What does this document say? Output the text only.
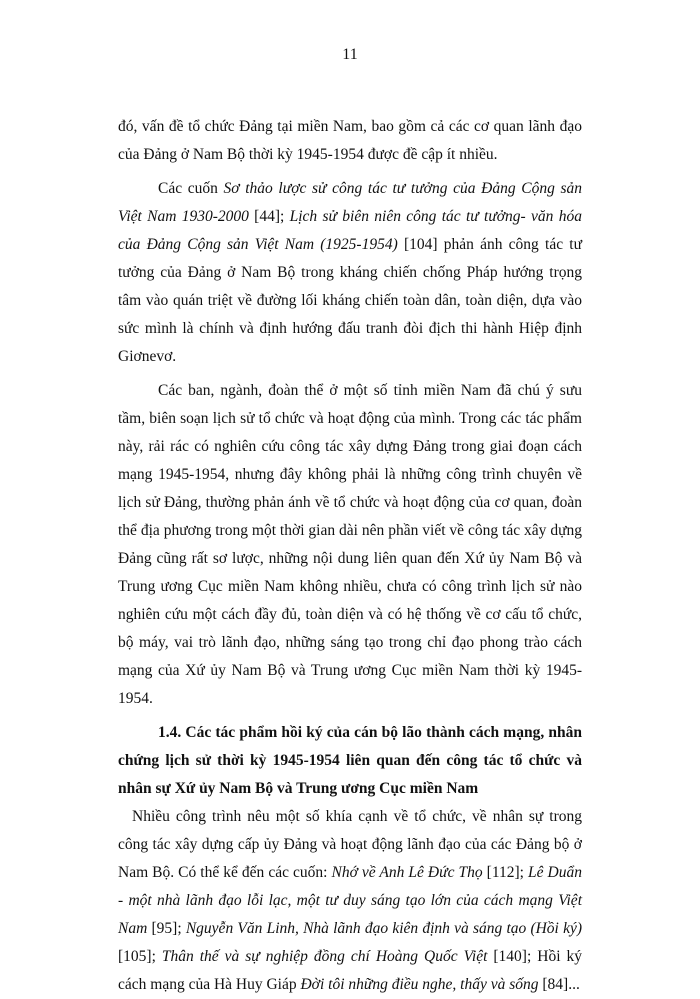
11

đó, vấn đề tổ chức Đảng tại miền Nam, bao gồm cả các cơ quan lãnh đạo của Đảng ở Nam Bộ thời kỳ 1945-1954 được đề cập ít nhiều.

Các cuốn Sơ thảo lược sử công tác tư tưởng của Đảng Cộng sản Việt Nam 1930-2000 [44]; Lịch sử biên niên công tác tư tưởng- văn hóa của Đảng Cộng sản Việt Nam (1925-1954) [104] phản ánh công tác tư tưởng của Đảng ở Nam Bộ trong kháng chiến chống Pháp hướng trọng tâm vào quán triệt về đường lối kháng chiến toàn dân, toàn diện, dựa vào sức mình là chính và định hướng đấu tranh đòi địch thi hành Hiệp định Giơnevơ.

Các ban, ngành, đoàn thể ở một số tỉnh miền Nam đã chú ý sưu tầm, biên soạn lịch sử tổ chức và hoạt động của mình. Trong các tác phẩm này, rải rác có nghiên cứu công tác xây dựng Đảng trong giai đoạn cách mạng 1945-1954, nhưng đây không phải là những công trình chuyên về lịch sử Đảng, thường phản ánh về tổ chức và hoạt động của cơ quan, đoàn thể địa phương trong một thời gian dài nên phần viết về công tác xây dựng Đảng cũng rất sơ lược, những nội dung liên quan đến Xứ ủy Nam Bộ và Trung ương Cục miền Nam không nhiều, chưa có công trình lịch sử nào nghiên cứu một cách đầy đủ, toàn diện và có hệ thống về cơ cấu tổ chức, bộ máy, vai trò lãnh đạo, những sáng tạo trong chỉ đạo phong trào cách mạng của Xứ ủy Nam Bộ và Trung ương Cục miền Nam thời kỳ 1945-1954.

1.4. Các tác phẩm hồi ký của cán bộ lão thành cách mạng, nhân chứng lịch sử thời kỳ 1945-1954 liên quan đến công tác tổ chức và nhân sự Xứ ủy Nam Bộ và Trung ương Cục miền Nam

Nhiều công trình nêu một số khía cạnh về tổ chức, về nhân sự trong công tác xây dựng cấp ủy Đảng và hoạt động lãnh đạo của các Đảng bộ ở Nam Bộ. Có thể kể đến các cuốn: Nhớ về Anh Lê Đức Thọ [112]; Lê Duẩn - một nhà lãnh đạo lỗi lạc, một tư duy sáng tạo lớn của cách mạng Việt Nam [95]; Nguyễn Văn Linh, Nhà lãnh đạo kiên định và sáng tạo (Hồi ký) [105]; Thân thế và sự nghiệp đồng chí Hoàng Quốc Việt [140]; Hồi ký cách mạng của Hà Huy Giáp Đời tôi những điều nghe, thấy và sống [84]...
